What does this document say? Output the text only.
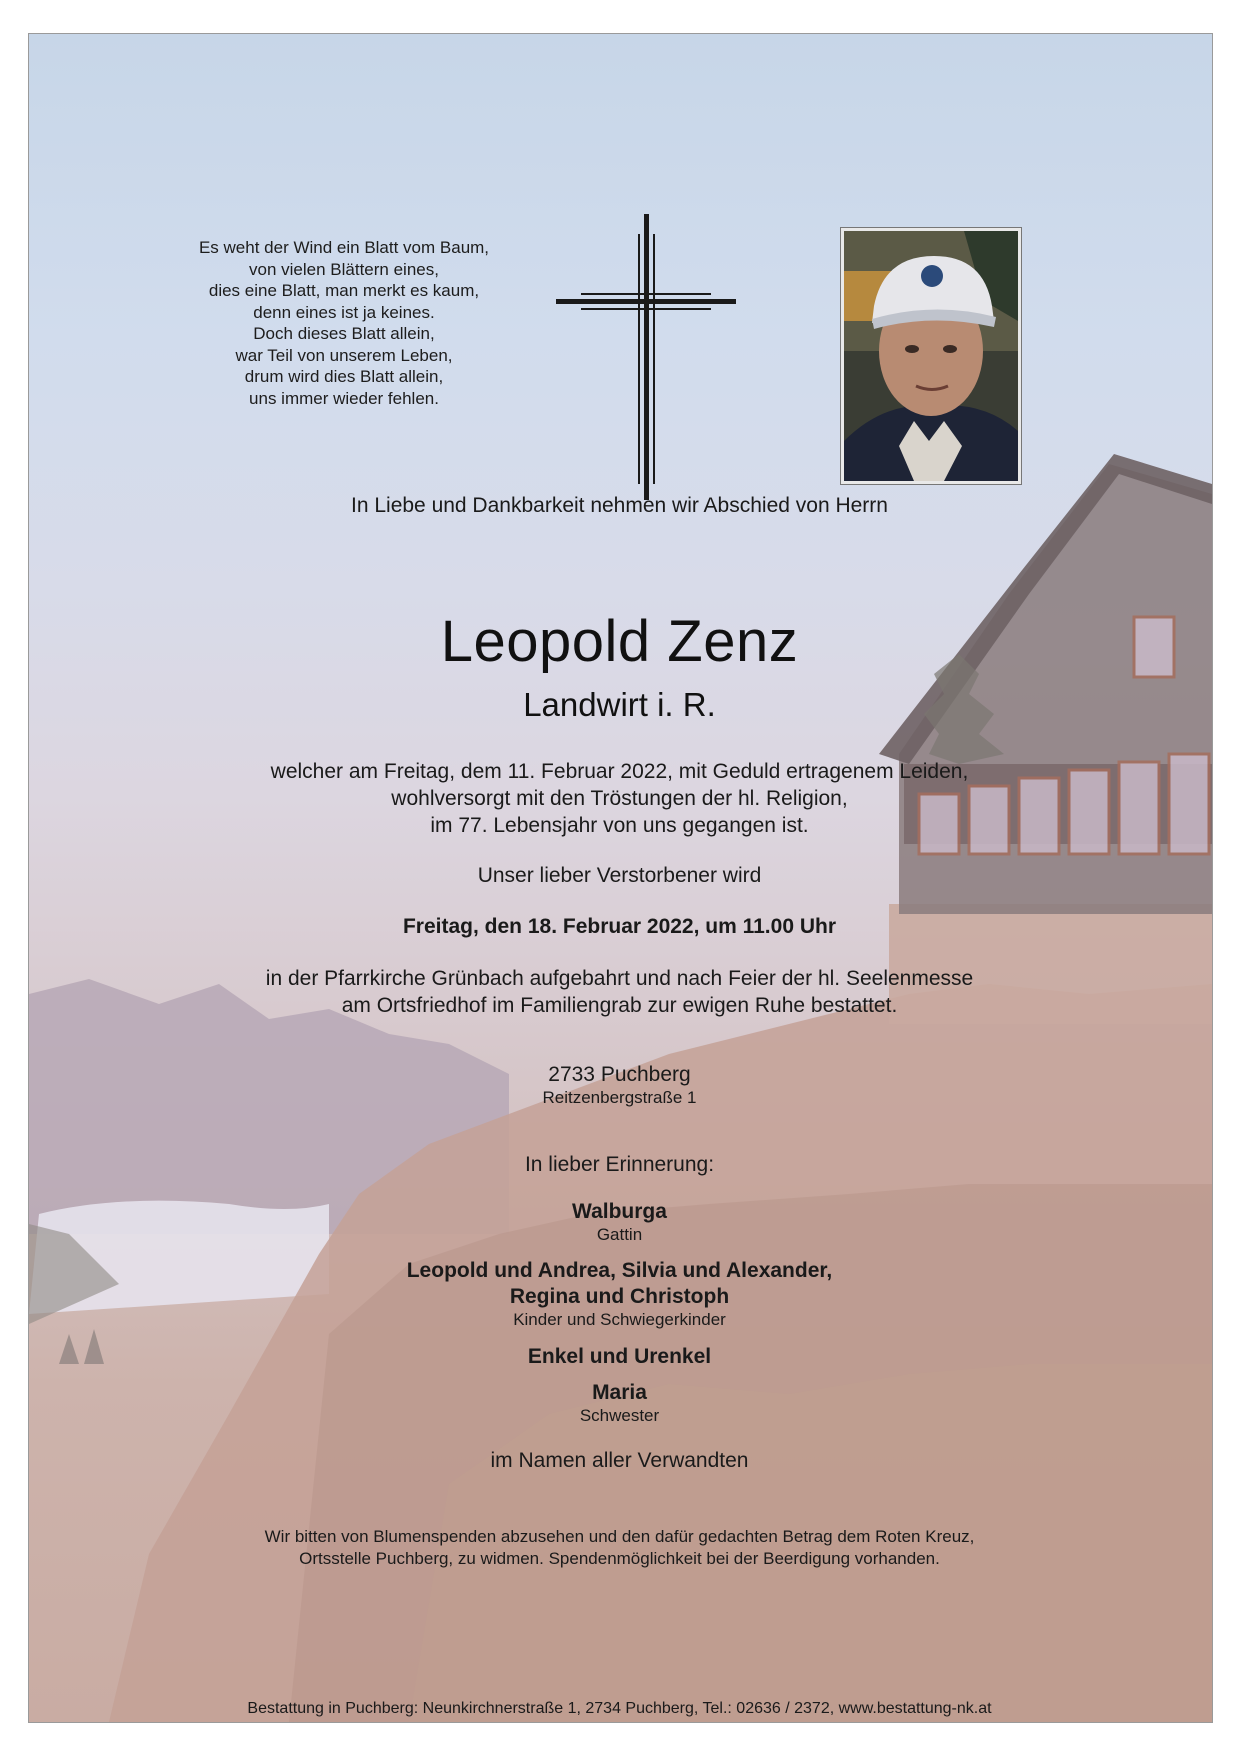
Es weht der Wind ein Blatt vom Baum,
von vielen Blättern eines,
dies eine Blatt, man merkt es kaum,
denn eines ist ja keines.
Doch dieses Blatt allein,
war Teil von unserem Leben,
drum wird dies Blatt allein,
uns immer wieder fehlen.
In Liebe und Dankbarkeit nehmen wir Abschied von Herrn
Leopold Zenz
Landwirt i. R.
welcher am Freitag, dem 11. Februar 2022, mit Geduld ertragenem Leiden,
wohlversorgt mit den Tröstungen der hl. Religion,
im 77. Lebensjahr von uns gegangen ist.
Unser lieber Verstorbener wird
Freitag, den 18. Februar 2022, um 11.00 Uhr
in der Pfarrkirche Grünbach aufgebahrt und nach Feier der hl. Seelenmesse
am Ortsfriedhof im Familiengrab zur ewigen Ruhe bestattet.
2733 Puchberg
Reitzenbergstraße 1
In lieber Erinnerung:
Walburga
Gattin
Leopold und Andrea, Silvia und Alexander,
Regina und Christoph
Kinder und Schwiegerkinder
Enkel und Urenkel
Maria
Schwester
im Namen aller Verwandten
Wir bitten von Blumenspenden abzusehen und den dafür gedachten Betrag dem Roten Kreuz,
Ortsstelle Puchberg, zu widmen. Spendenmöglichkeit bei der Beerdigung vorhanden.
Bestattung in Puchberg: Neunkirchnerstraße 1, 2734 Puchberg, Tel.: 02636 / 2372, www.bestattung-nk.at
